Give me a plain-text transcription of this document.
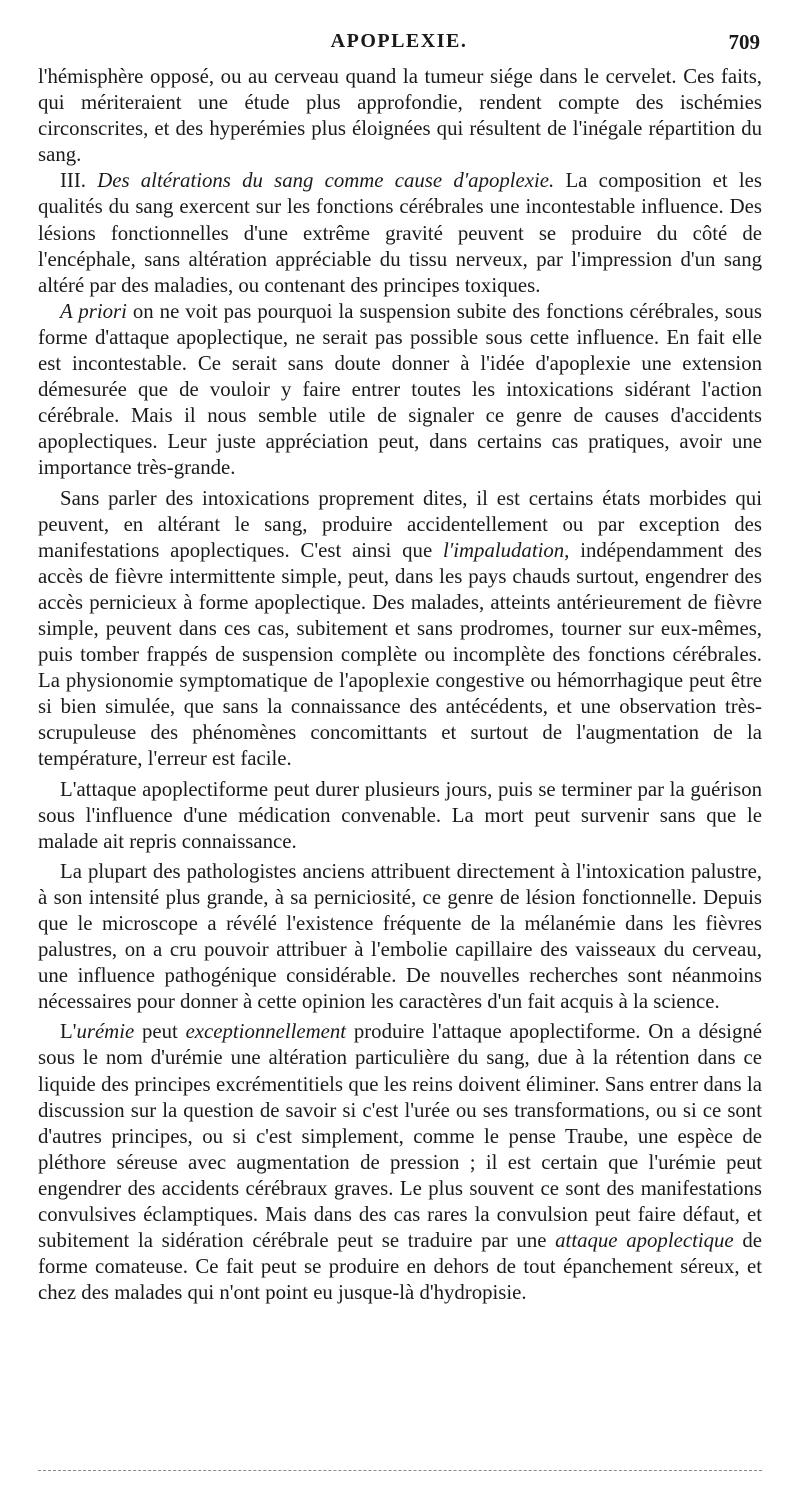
APOPLEXIE.	709

l'hémisphère opposé, ou au cerveau quand la tumeur siége dans le cervelet. Ces faits, qui mériteraient une étude plus approfondie, rendent compte des ischémies circonscrites, et des hyperémies plus éloignées qui résultent de l'inégale répartition du sang.

III. Des altérations du sang comme cause d'apoplexie. La composition et les qualités du sang exercent sur les fonctions cérébrales une incontestable influence. Des lésions fonctionnelles d'une extrême gravité peuvent se produire du côté de l'encéphale, sans altération appréciable du tissu nerveux, par l'impression d'un sang altéré par des maladies, ou contenant des principes toxiques.

A priori on ne voit pas pourquoi la suspension subite des fonctions cérébrales, sous forme d'attaque apoplectique, ne serait pas possible sous cette influence. En fait elle est incontestable. Ce serait sans doute donner à l'idée d'apoplexie une extension démesurée que de vouloir y faire entrer toutes les intoxications sidérant l'action cérébrale. Mais il nous semble utile de signaler ce genre de causes d'accidents apoplectiques. Leur juste appréciation peut, dans certains cas pratiques, avoir une importance très-grande.

Sans parler des intoxications proprement dites, il est certains états morbides qui peuvent, en altérant le sang, produire accidentellement ou par exception des manifestations apoplectiques. C'est ainsi que l'impaludation, indépendamment des accès de fièvre intermittente simple, peut, dans les pays chauds surtout, engendrer des accès pernicieux à forme apoplectique. Des malades, atteints antérieurement de fièvre simple, peuvent dans ces cas, subitement et sans prodromes, tourner sur eux-mêmes, puis tomber frappés de suspension complète ou incomplète des fonctions cérébrales. La physionomie symptomatique de l'apoplexie congestive ou hémorrhagique peut être si bien simulée, que sans la connaissance des antécédents, et une observation très-scrupuleuse des phénomènes concomittants et surtout de l'augmentation de la température, l'erreur est facile.

L'attaque apoplectiforme peut durer plusieurs jours, puis se terminer par la guérison sous l'influence d'une médication convenable. La mort peut survenir sans que le malade ait repris connaissance.

La plupart des pathologistes anciens attribuent directement à l'intoxication palustre, à son intensité plus grande, à sa perniciosité, ce genre de lésion fonctionnelle. Depuis que le microscope a révélé l'existence fréquente de la mélanémie dans les fièvres palustres, on a cru pouvoir attribuer à l'embolie capillaire des vaisseaux du cerveau, une influence pathogénique considérable. De nouvelles recherches sont néanmoins nécessaires pour donner à cette opinion les caractères d'un fait acquis à la science.

L'urémie peut exceptionnellement produire l'attaque apoplectiforme. On a désigné sous le nom d'urémie une altération particulière du sang, due à la rétention dans ce liquide des principes excrémentitiels que les reins doivent éliminer. Sans entrer dans la discussion sur la question de savoir si c'est l'urée ou ses transformations, ou si ce sont d'autres principes, ou si c'est simplement, comme le pense Traube, une espèce de pléthore séreuse avec augmentation de pression ; il est certain que l'urémie peut engendrer des accidents cérébraux graves. Le plus souvent ce sont des manifestations convulsives éclamptiques. Mais dans des cas rares la convulsion peut faire défaut, et subitement la sidération cérébrale peut se traduire par une attaque apoplectique de forme comateuse. Ce fait peut se produire en dehors de tout épanchement séreux, et chez des malades qui n'ont point eu jusque-là d'hydropisie.
